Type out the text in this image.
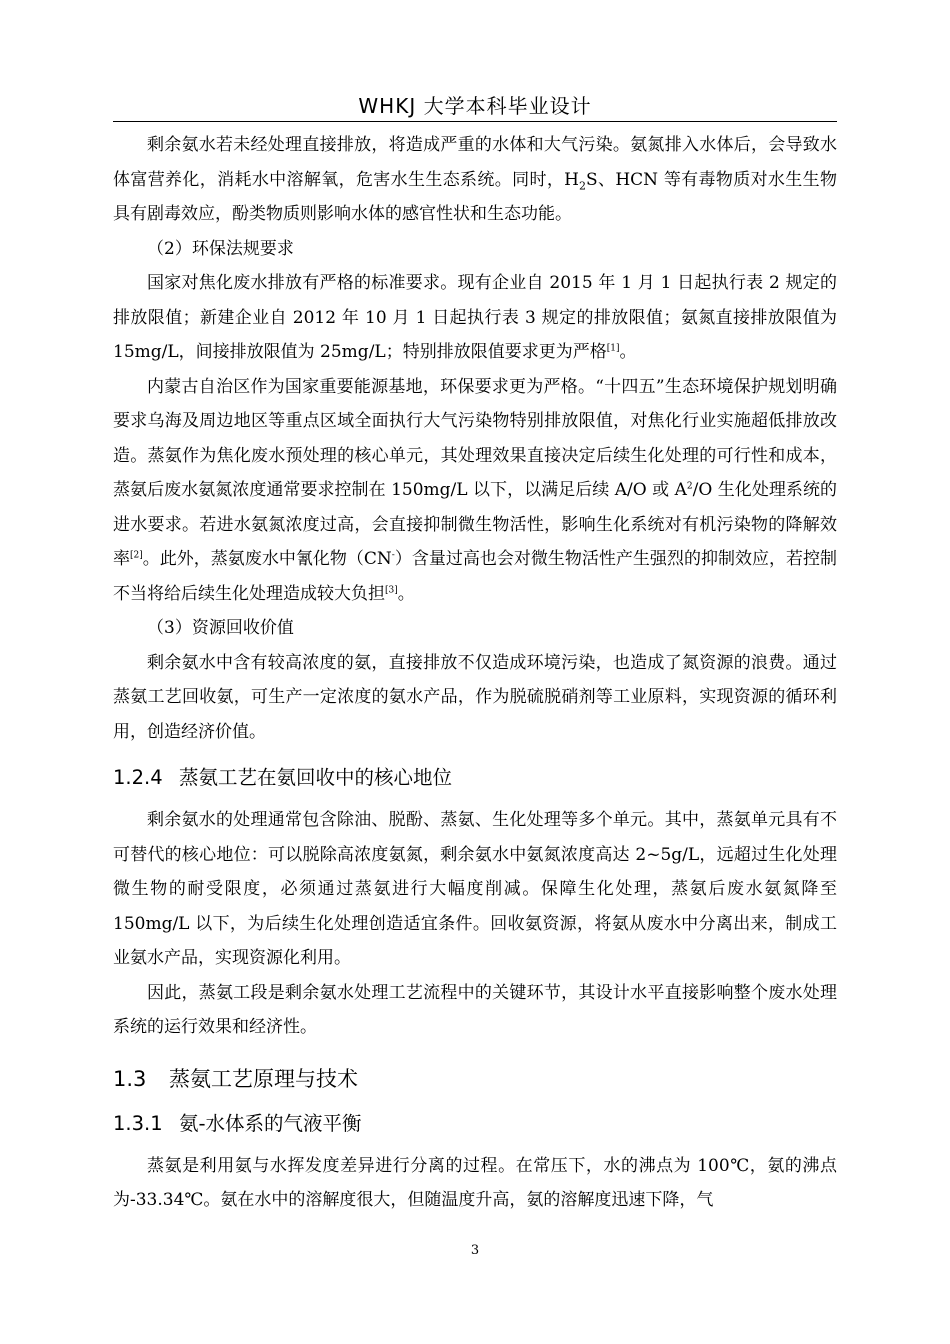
WHKJ 大学本科毕业设计

剩余氨水若未经处理直接排放，将造成严重的水体和大气污染。氨氮排入水体后，会导致水体富营养化，消耗水中溶解氧，危害水生生态系统。同时，$H_2S$、HCN 等有毒物质对水生生物具有剧毒效应，酚类物质则影响水体的感官性状和生态功能。

（2）环保法规要求

国家对焦化废水排放有严格的标准要求。现有企业自 2015 年 1 月 1 日起执行表 2 规定的排放限值；新建企业自 2012 年 10 月 1 日起执行表 3 规定的排放限值；氨氮直接排放限值为 15mg/L，间接排放限值为 25mg/L；特别排放限值要求更为严格[1]。

内蒙古自治区作为国家重要能源基地，环保要求更为严格。“十四五”生态环境保护规划明确要求乌海及周边地区等重点区域全面执行大气污染物特别排放限值，对焦化行业实施超低排放改造。蒸氨作为焦化废水预处理的核心单元，其处理效果直接决定后续生化处理的可行性和成本，蒸氨后废水氨氮浓度通常要求控制在 150mg/L 以下，以满足后续 A/O 或 $A^2/O$ 生化处理系统的进水要求。若进水氨氮浓度过高，会直接抑制微生物活性，影响生化系统对有机污染物的降解效率[2]。此外，蒸氨废水中氰化物（CN-）含量过高也会对微生物活性产生强烈的抑制效应，若控制不当将给后续生化处理造成较大负担[3]。

（3）资源回收价值

剩余氨水中含有较高浓度的氨，直接排放不仅造成环境污染，也造成了氮资源的浪费。通过蒸氨工艺回收氨，可生产一定浓度的氨水产品，作为脱硫脱硝剂等工业原料，实现资源的循环利用，创造经济价值。

1.2.4 蒸氨工艺在氨回收中的核心地位

剩余氨水的处理通常包含除油、脱酚、蒸氨、生化处理等多个单元。其中，蒸氨单元具有不可替代的核心地位：可以脱除高浓度氨氮，剩余氨水中氨氮浓度高达 2~5g/L，远超过生化处理微生物的耐受限度，必须通过蒸氨进行大幅度削减。保障生化处理，蒸氨后废水氨氮降至 150mg/L 以下，为后续生化处理创造适宜条件。回收氨资源，将氨从废水中分离出来，制成工业氨水产品，实现资源化利用。

因此，蒸氨工段是剩余氨水处理工艺流程中的关键环节，其设计水平直接影响整个废水处理系统的运行效果和经济性。

1.3 蒸氨工艺原理与技术
1.3.1 氨-水体系的气液平衡

蒸氨是利用氨与水挥发度差异进行分离的过程。在常压下，水的沸点为 100℃，氨的沸点为-33.34℃。氨在水中的溶解度很大，但随温度升高，氨的溶解度迅速下降，气

3
